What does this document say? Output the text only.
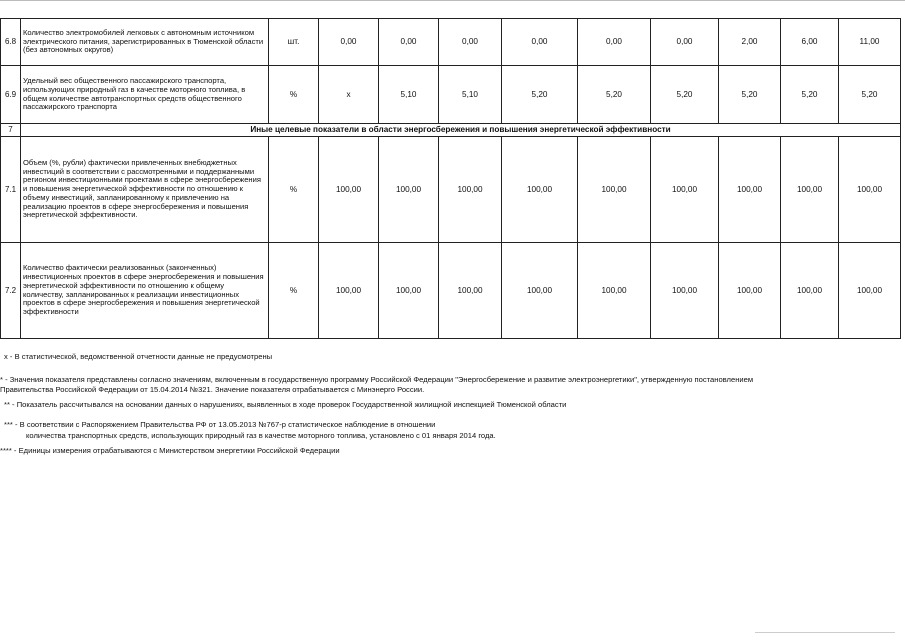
6.8	Количество электромобилей легковых с автономным источником электрического питания, зарегистрированных в Тюменской области (без автономных округов)	шт.	0,00	0,00	0,00	0,00	0,00	0,00	2,00	6,00	11,00
6.9	Удельный вес общественного пассажирского транспорта, использующих природный газ в качестве моторного топлива, в общем количестве автотранспортных средств общественного пассажирского транспорта	%	x	5,10	5,10	5,20	5,20	5,20	5,20	5,20	5,20
7	Иные целевые показатели в области энергосбережения и повышения энергетической эффективности										
7.1	Объем (%, рубли) фактически привлеченных внебюджетных инвестиций в соответствии с рассмотренными и поддержанными регионом инвестиционными проектами в сфере энергосбережения и повышения энергетической эффективности по отношению к объему инвестиций, запланированному к привлечению на реализацию проектов в сфере энергосбережения и повышения энергетической эффективности.	%	100,00	100,00	100,00	100,00	100,00	100,00	100,00	100,00	100,00
7.2	Количество фактически реализованных (законченных) инвестиционных проектов в сфере энергосбережения и повышения энергетической эффективности по отношению к общему количеству, запланированных к реализации инвестиционных проектов в сфере энергосбережения и повышения энергетической эффективности	%	100,00	100,00	100,00	100,00	100,00	100,00	100,00	100,00	100,00
x - В статистической, ведомственной отчетности данные не предусмотрены
* - Значения показателя представлены согласно значениям, включенным в государственную программу Российской Федерации "Энергосбережение и развитие электроэнергетики", утвержденную постановлением
Правительства Российской Федерации от 15.04.2014 №321. Значение показателя отрабатывается с Минэнерго России.
** - Показатель рассчитывался на основании данных о нарушениях, выявленных в ходе проверок Государственной жилищной инспекцией Тюменской области
*** - В соответствии с Распоряжением Правительства РФ от 13.05.2013 №767-р статистическое наблюдение в отношении
количества транспортных средств, использующих природный газ в качестве моторного топлива, установлено с 01 января 2014 года.
**** - Единицы измерения отрабатываются с Министерством энергетики Российской Федерации
